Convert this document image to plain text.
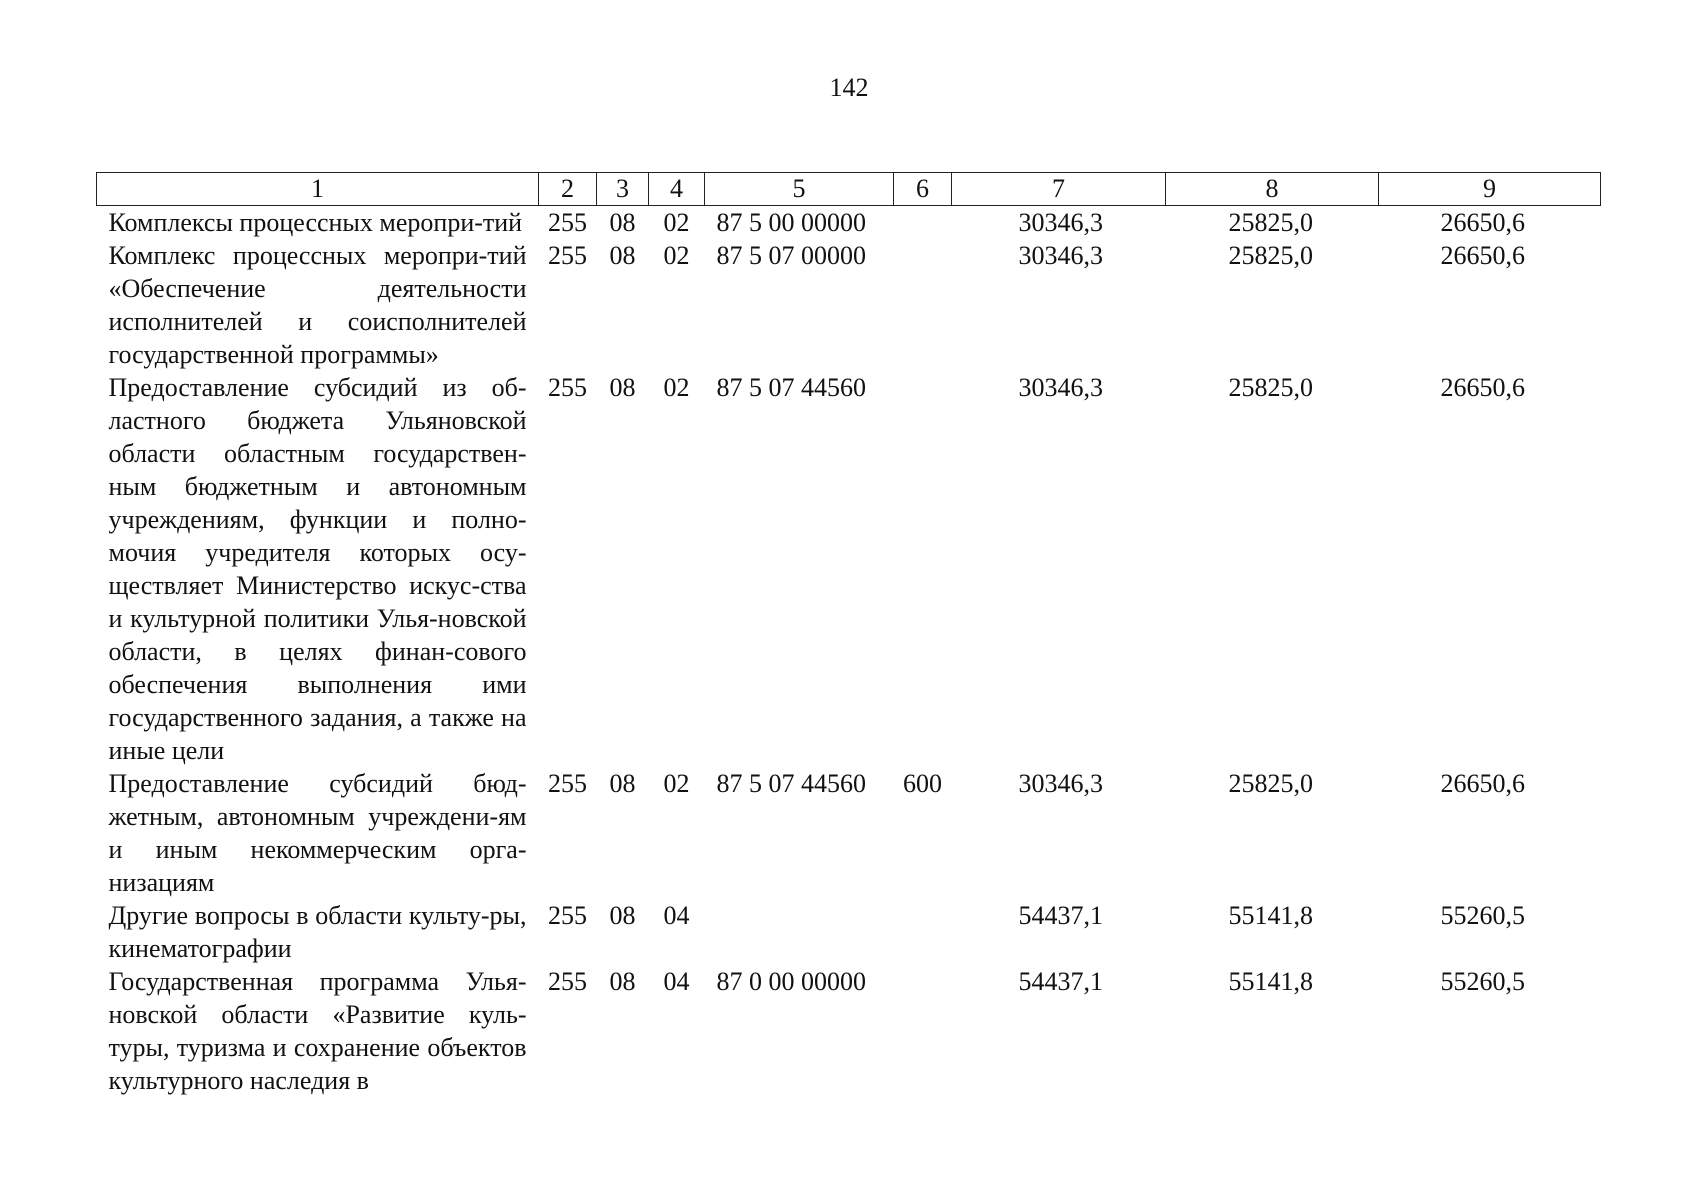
142
1	2	3	4	5	6	7	8	9
Комплексы процессных меропри-тий	255	08	02	87 5 00 00000		30346,3	25825,0	26650,6
Комплекс процессных меропри-тий «Обеспечение деятельности исполнителей и соисполнителей государственной программы»	255	08	02	87 5 07 00000		30346,3	25825,0	26650,6
Предоставление субсидий из об-ластного бюджета Ульяновской области областным государствен-ным бюджетным и автономным учреждениям, функции и полно-мочия учредителя которых осу-ществляет Министерство искус-ства и культурной политики Улья-новской области, в целях финан-сового обеспечения выполнения ими государственного задания, а также на иные цели	255	08	02	87 5 07 44560		30346,3	25825,0	26650,6
Предоставление субсидий бюд-жетным, автономным учреждени-ям и иным некоммерческим орга-низациям	255	08	02	87 5 07 44560	600	30346,3	25825,0	26650,6
Другие вопросы в области культу-ры, кинематографии	255	08	04			54437,1	55141,8	55260,5
Государственная программа Улья-новской области «Развитие куль-туры, туризма и сохранение объектов культурного наследия в	255	08	04	87 0 00 00000		54437,1	55141,8	55260,5
